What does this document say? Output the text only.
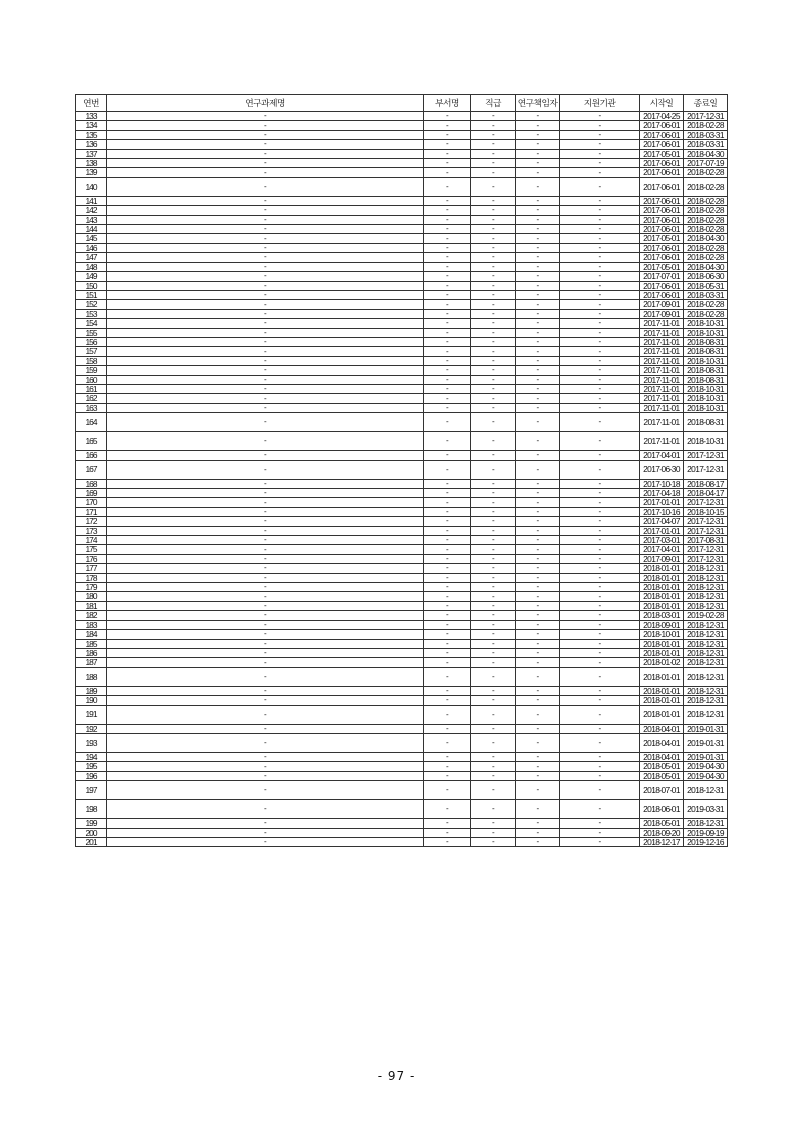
연번	연구과제명	부서명	직급	연구책임자	지원기관	시작일	종료일
133	-	-	-	-	-	2017-04-25	2017-12-31
134	-	-	-	-	-	2017-06-01	2018-02-28
135	-	-	-	-	-	2017-06-01	2018-03-31
136	-	-	-	-	-	2017-06-01	2018-03-31
137	-	-	-	-	-	2017-05-01	2018-04-30
138	-	-	-	-	-	2017-06-01	2017-07-19
139	-	-	-	-	-	2017-06-01	2018-02-28
140	-	-	-	-	-	2017-06-01	2018-02-28
141	-	-	-	-	-	2017-06-01	2018-02-28
142	-	-	-	-	-	2017-06-01	2018-02-28
143	-	-	-	-	-	2017-06-01	2018-02-28
144	-	-	-	-	-	2017-06-01	2018-02-28
145	-	-	-	-	-	2017-05-01	2018-04-30
146	-	-	-	-	-	2017-06-01	2018-02-28
147	-	-	-	-	-	2017-06-01	2018-02-28
148	-	-	-	-	-	2017-05-01	2018-04-30
149	-	-	-	-	-	2017-07-01	2018-06-30
150	-	-	-	-	-	2017-06-01	2018-05-31
151	-	-	-	-	-	2017-06-01	2018-03-31
152	-	-	-	-	-	2017-09-01	2018-02-28
153	-	-	-	-	-	2017-09-01	2018-02-28
154	-	-	-	-	-	2017-11-01	2018-10-31
155	-	-	-	-	-	2017-11-01	2018-10-31
156	-	-	-	-	-	2017-11-01	2018-08-31
157	-	-	-	-	-	2017-11-01	2018-08-31
158	-	-	-	-	-	2017-11-01	2018-10-31
159	-	-	-	-	-	2017-11-01	2018-08-31
160	-	-	-	-	-	2017-11-01	2018-08-31
161	-	-	-	-	-	2017-11-01	2018-10-31
162	-	-	-	-	-	2017-11-01	2018-10-31
163	-	-	-	-	-	2017-11-01	2018-10-31
164	-	-	-	-	-	2017-11-01	2018-08-31
165	-	-	-	-	-	2017-11-01	2018-10-31
166	-	-	-	-	-	2017-04-01	2017-12-31
167	-	-	-	-	-	2017-06-30	2017-12-31
168	-	-	-	-	-	2017-10-18	2018-08-17
169	-	-	-	-	-	2017-04-18	2018-04-17
170	-	-	-	-	-	2017-01-01	2017-12-31
171	-	-	-	-	-	2017-10-16	2018-10-15
172	-	-	-	-	-	2017-04-07	2017-12-31
173	-	-	-	-	-	2017-01-01	2017-12-31
174	-	-	-	-	-	2017-03-01	2017-08-31
175	-	-	-	-	-	2017-04-01	2017-12-31
176	-	-	-	-	-	2017-09-01	2017-12-31
177	-	-	-	-	-	2018-01-01	2018-12-31
178	-	-	-	-	-	2018-01-01	2018-12-31
179	-	-	-	-	-	2018-01-01	2018-12-31
180	-	-	-	-	-	2018-01-01	2018-12-31
181	-	-	-	-	-	2018-01-01	2018-12-31
182	-	-	-	-	-	2018-03-01	2019-02-28
183	-	-	-	-	-	2018-09-01	2018-12-31
184	-	-	-	-	-	2018-10-01	2018-12-31
185	-	-	-	-	-	2018-01-01	2018-12-31
186	-	-	-	-	-	2018-01-01	2018-12-31
187	-	-	-	-	-	2018-01-02	2018-12-31
188	-	-	-	-	-	2018-01-01	2018-12-31
189	-	-	-	-	-	2018-01-01	2018-12-31
190	-	-	-	-	-	2018-01-01	2018-12-31
191	-	-	-	-	-	2018-01-01	2018-12-31
192	-	-	-	-	-	2018-04-01	2019-01-31
193	-	-	-	-	-	2018-04-01	2019-01-31
194	-	-	-	-	-	2018-04-01	2019-01-31
195	-	-	-	-	-	2018-05-01	2019-04-30
196	-	-	-	-	-	2018-05-01	2019-04-30
197	-	-	-	-	-	2018-07-01	2018-12-31
198	-	-	-	-	-	2018-06-01	2019-03-31
199	-	-	-	-	-	2018-05-01	2018-12-31
200	-	-	-	-	-	2018-09-20	2019-09-19
201	-	-	-	-	-	2018-12-17	2019-12-16
- 97 -
